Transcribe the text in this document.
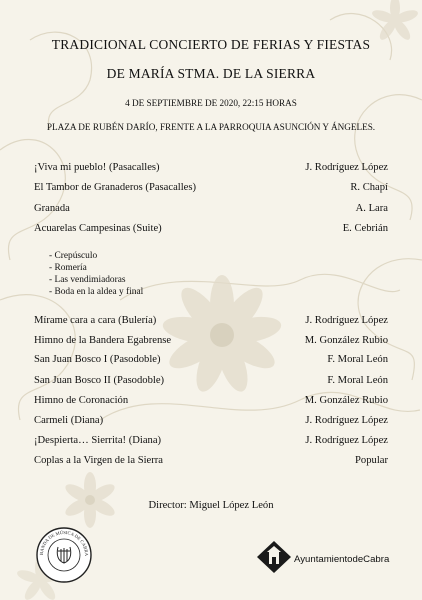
TRADICIONAL CONCIERTO DE FERIAS Y FIESTAS
DE MARÍA STMA. DE LA SIERRA
4 DE SEPTIEMBRE DE 2020, 22:15 HORAS
PLAZA DE RUBÉN DARÍO, FRENTE A LA PARROQUIA ASUNCIÓN Y ÁNGELES.
¡Viva mi pueblo! (Pasacalles)	J. Rodríguez López
El Tambor de Granaderos (Pasacalles)	R. Chapí
Granada	A. Lara
Acuarelas Campesinas (Suite)	E. Cebrián
- Crepúsculo
- Romería
- Las vendimiadoras
- Boda en la aldea y final
Mírame cara a cara (Bulería)	J. Rodríguez López
Himno de la Bandera Egabrense	M. González Rubio
San Juan Bosco I (Pasodoble)	F. Moral León
San Juan Bosco II (Pasodoble)	F. Moral León
Himno de Coronación	M. González Rubio
Carmeli (Diana)	J. Rodríguez López
¡Despierta… Sierrita! (Diana)	J. Rodríguez López
Coplas a la Virgen de la Sierra	Popular
Director: Miguel López León
BANDA DE MÚSICA DE CABRA	AyuntamientodeCabra
